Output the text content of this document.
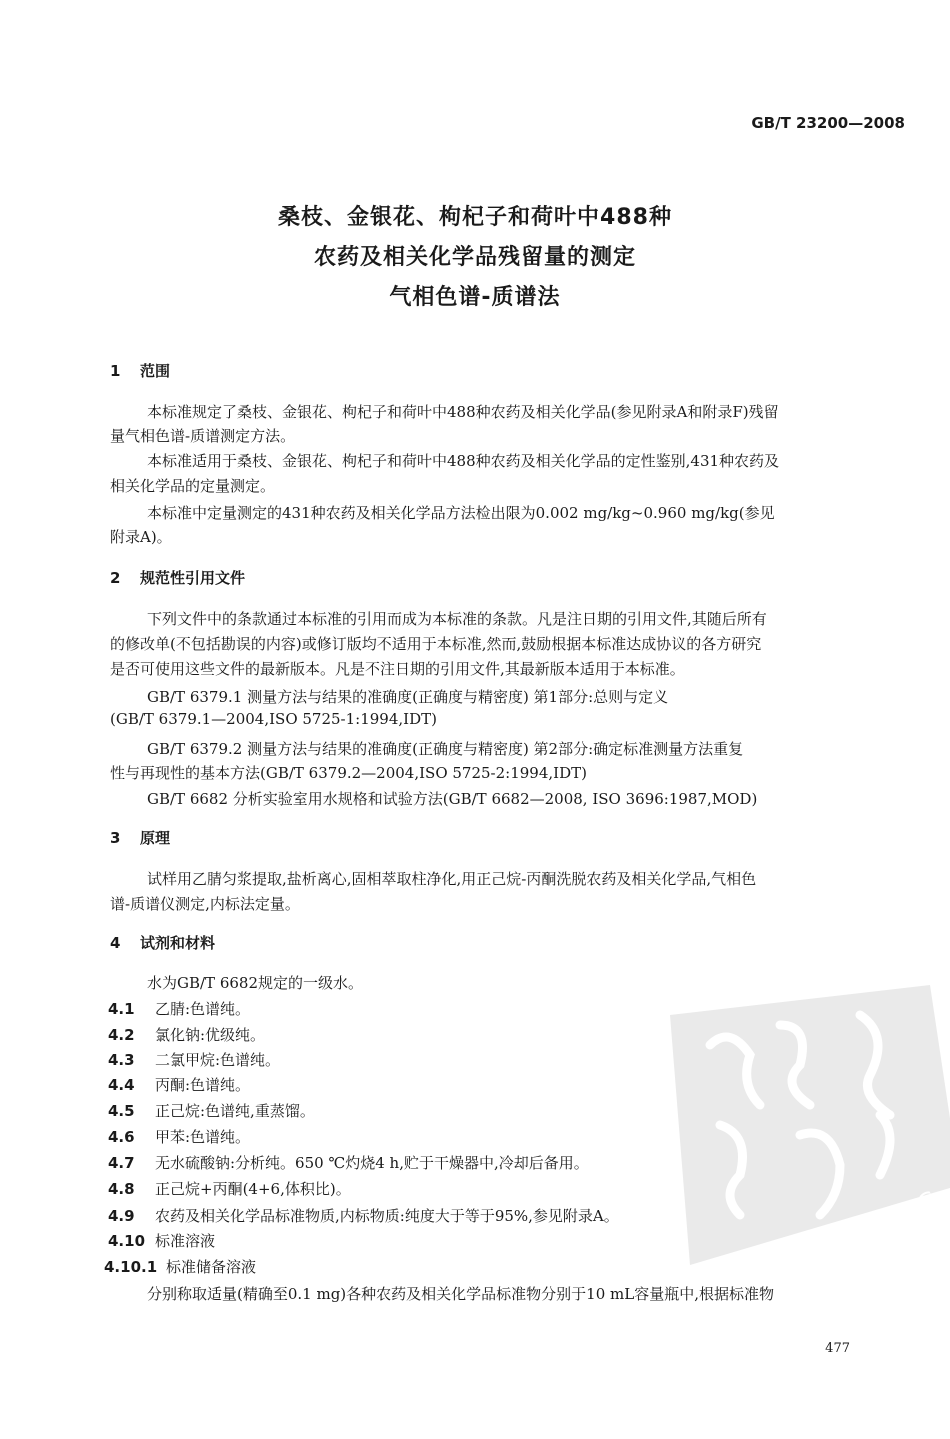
GB/T 23200—2008
桑枝、金银花、枸杞子和荷叶中488种
农药及相关化学品残留量的测定
气相色谱-质谱法
1 范围
本标准规定了桑枝、金银花、枸杞子和荷叶中488种农药及相关化学品(参见附录A和附录F)残留
量气相色谱-质谱测定方法。
本标准适用于桑枝、金银花、枸杞子和荷叶中488种农药及相关化学品的定性鉴别,431种农药及
相关化学品的定量测定。
本标准中定量测定的431种农药及相关化学品方法检出限为0.002 mg/kg~0.960 mg/kg(参见
附录A)。
2 规范性引用文件
下列文件中的条款通过本标准的引用而成为本标准的条款。凡是注日期的引用文件,其随后所有
的修改单(不包括勘误的内容)或修订版均不适用于本标准,然而,鼓励根据本标准达成协议的各方研究
是否可使用这些文件的最新版本。凡是不注日期的引用文件,其最新版本适用于本标准。
GB/T 6379.1 测量方法与结果的准确度(正确度与精密度) 第1部分:总则与定义
(GB/T 6379.1—2004,ISO 5725-1:1994,IDT)
GB/T 6379.2 测量方法与结果的准确度(正确度与精密度) 第2部分:确定标准测量方法重复
性与再现性的基本方法(GB/T 6379.2—2004,ISO 5725-2:1994,IDT)
GB/T 6682 分析实验室用水规格和试验方法(GB/T 6682—2008, ISO 3696:1987,MOD)
3 原理
试样用乙腈匀浆提取,盐析离心,固相萃取柱净化,用正己烷-丙酮洗脱农药及相关化学品,气相色
谱-质谱仪测定,内标法定量。
4 试剂和材料
水为GB/T 6682规定的一级水。
4.1 乙腈:色谱纯。
4.2 氯化钠:优级纯。
4.3 二氯甲烷:色谱纯。
4.4 丙酮:色谱纯。
4.5 正己烷:色谱纯,重蒸馏。
4.6 甲苯:色谱纯。
4.7 无水硫酸钠:分析纯。650 ℃灼烧4 h,贮于干燥器中,冷却后备用。
4.8 正己烷+丙酮(4+6,体积比)。
4.9 农药及相关化学品标准物质,内标物质:纯度大于等于95%,参见附录A。
4.10 标准溶液
4.10.1 标准储备溶液
分别称取适量(精确至0.1 mg)各种农药及相关化学品标准物分别于10 mL容量瓶中,根据标准物
PDG
477
